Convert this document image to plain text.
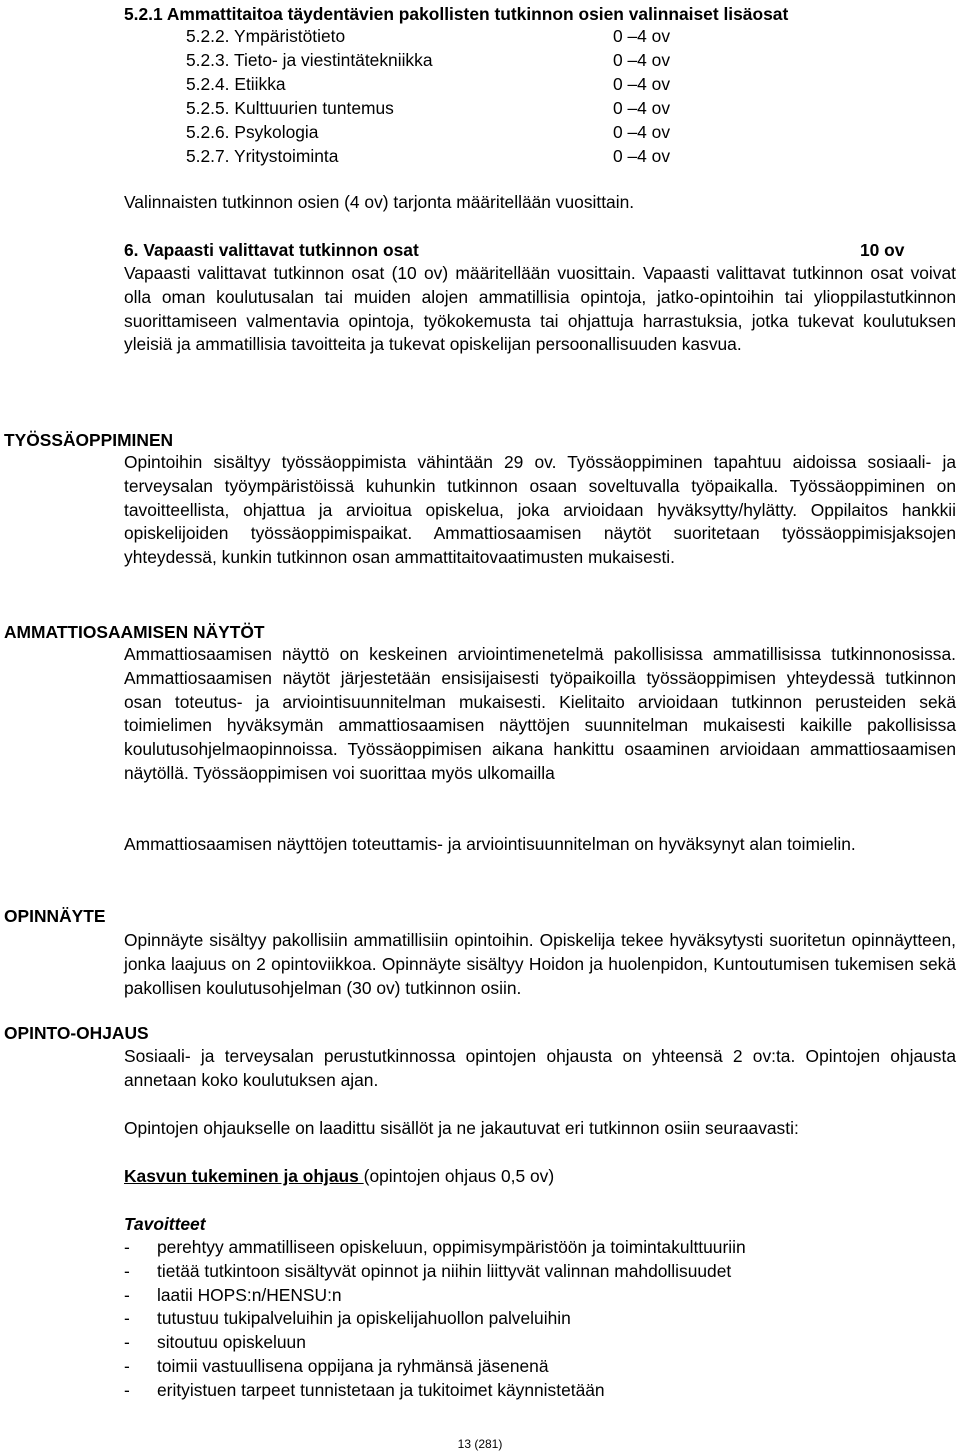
5.2.1 Ammattitaitoa täydentävien pakollisten tutkinnon osien valinnaiset lisäosat
5.2.2. Ympäristötieto	0 –4 ov
5.2.3. Tieto- ja viestintätekniikka	0 –4 ov
5.2.4. Etiikka	0 –4 ov
5.2.5. Kulttuurien tuntemus	0 –4 ov
5.2.6. Psykologia	0 –4 ov
5.2.7. Yritystoiminta	0 –4 ov
Valinnaisten tutkinnon osien (4 ov) tarjonta määritellään vuosittain.
6. Vapaasti valittavat tutkinnon osat	10 ov
Vapaasti valittavat tutkinnon osat (10 ov) määritellään vuosittain. Vapaasti valittavat tutkinnon osat voivat olla oman koulutusalan tai muiden alojen ammatillisia opintoja, jatko-opintoihin tai ylioppilastutkinnon suorittamiseen valmentavia opintoja, työkokemusta tai ohjattuja harrastuksia, jotka tukevat koulutuksen yleisiä ja ammatillisia tavoitteita ja tukevat opiskelijan persoonallisuuden kasvua.
TYÖSSÄOPPIMINEN
Opintoihin sisältyy työssäoppimista vähintään 29 ov. Työssäoppiminen tapahtuu aidoissa sosiaali- ja terveysalan työympäristöissä kuhunkin tutkinnon osaan soveltuvalla työpaikalla. Työssäoppiminen on tavoitteellista, ohjattua ja arvioitua opiskelua, joka arvioidaan hyväksytty/hylätty. Oppilaitos hankkii opiskelijoiden työssäoppimispaikat. Ammattiosaamisen näytöt suoritetaan työssäoppimisjaksojen yhteydessä, kunkin tutkinnon osan ammattitaitovaatimusten mukaisesti.
AMMATTIOSAAMISEN NÄYTÖT
Ammattiosaamisen näyttö on keskeinen arviointimenetelmä pakollisissa ammatillisissa tutkinnonosissa. Ammattiosaamisen näytöt järjestetään ensisijaisesti työpaikoilla työssäoppimisen yhteydessä tutkinnon osan toteutus- ja arviointisuunnitelman mukaisesti. Kielitaito arvioidaan tutkinnon perusteiden sekä toimielimen hyväksymän ammattiosaamisen näyttöjen suunnitelman mukaisesti kaikille pakollisissa koulutusohjelmaopinnoissa. Työssäoppimisen aikana hankittu osaaminen arvioidaan ammattiosaamisen näytöllä. Työssäoppimisen voi suorittaa myös ulkomailla
Ammattiosaamisen näyttöjen toteuttamis- ja arviointisuunnitelman on hyväksynyt alan toimielin.
OPINNÄYTE
Opinnäyte sisältyy pakollisiin ammatillisiin opintoihin. Opiskelija tekee hyväksytysti suoritetun opinnäytteen, jonka laajuus on 2 opintoviikkoa. Opinnäyte sisältyy Hoidon ja huolenpidon, Kuntoutumisen tukemisen sekä pakollisen koulutusohjelman (30 ov) tutkinnon osiin.
OPINTO-OHJAUS
Sosiaali- ja terveysalan perustutkinnossa opintojen ohjausta on yhteensä 2 ov:ta. Opintojen ohjausta annetaan koko koulutuksen ajan.
Opintojen ohjaukselle on laadittu sisällöt ja ne jakautuvat eri tutkinnon osiin seuraavasti:
Kasvun tukeminen ja ohjaus (opintojen ohjaus 0,5 ov)
Tavoitteet
- perehtyy ammatilliseen opiskeluun, oppimisympäristöön ja toimintakulttuuriin
- tietää tutkintoon sisältyvät opinnot ja niihin liittyvät valinnan mahdollisuudet
- laatii HOPS:n/HENSU:n
- tutustuu tukipalveluihin ja opiskelijahuollon palveluihin
- sitoutuu opiskeluun
- toimii vastuullisena oppijana ja ryhmänsä jäsenenä
- erityistuen tarpeet tunnistetaan ja tukitoimet käynnistetään
13 (281)
